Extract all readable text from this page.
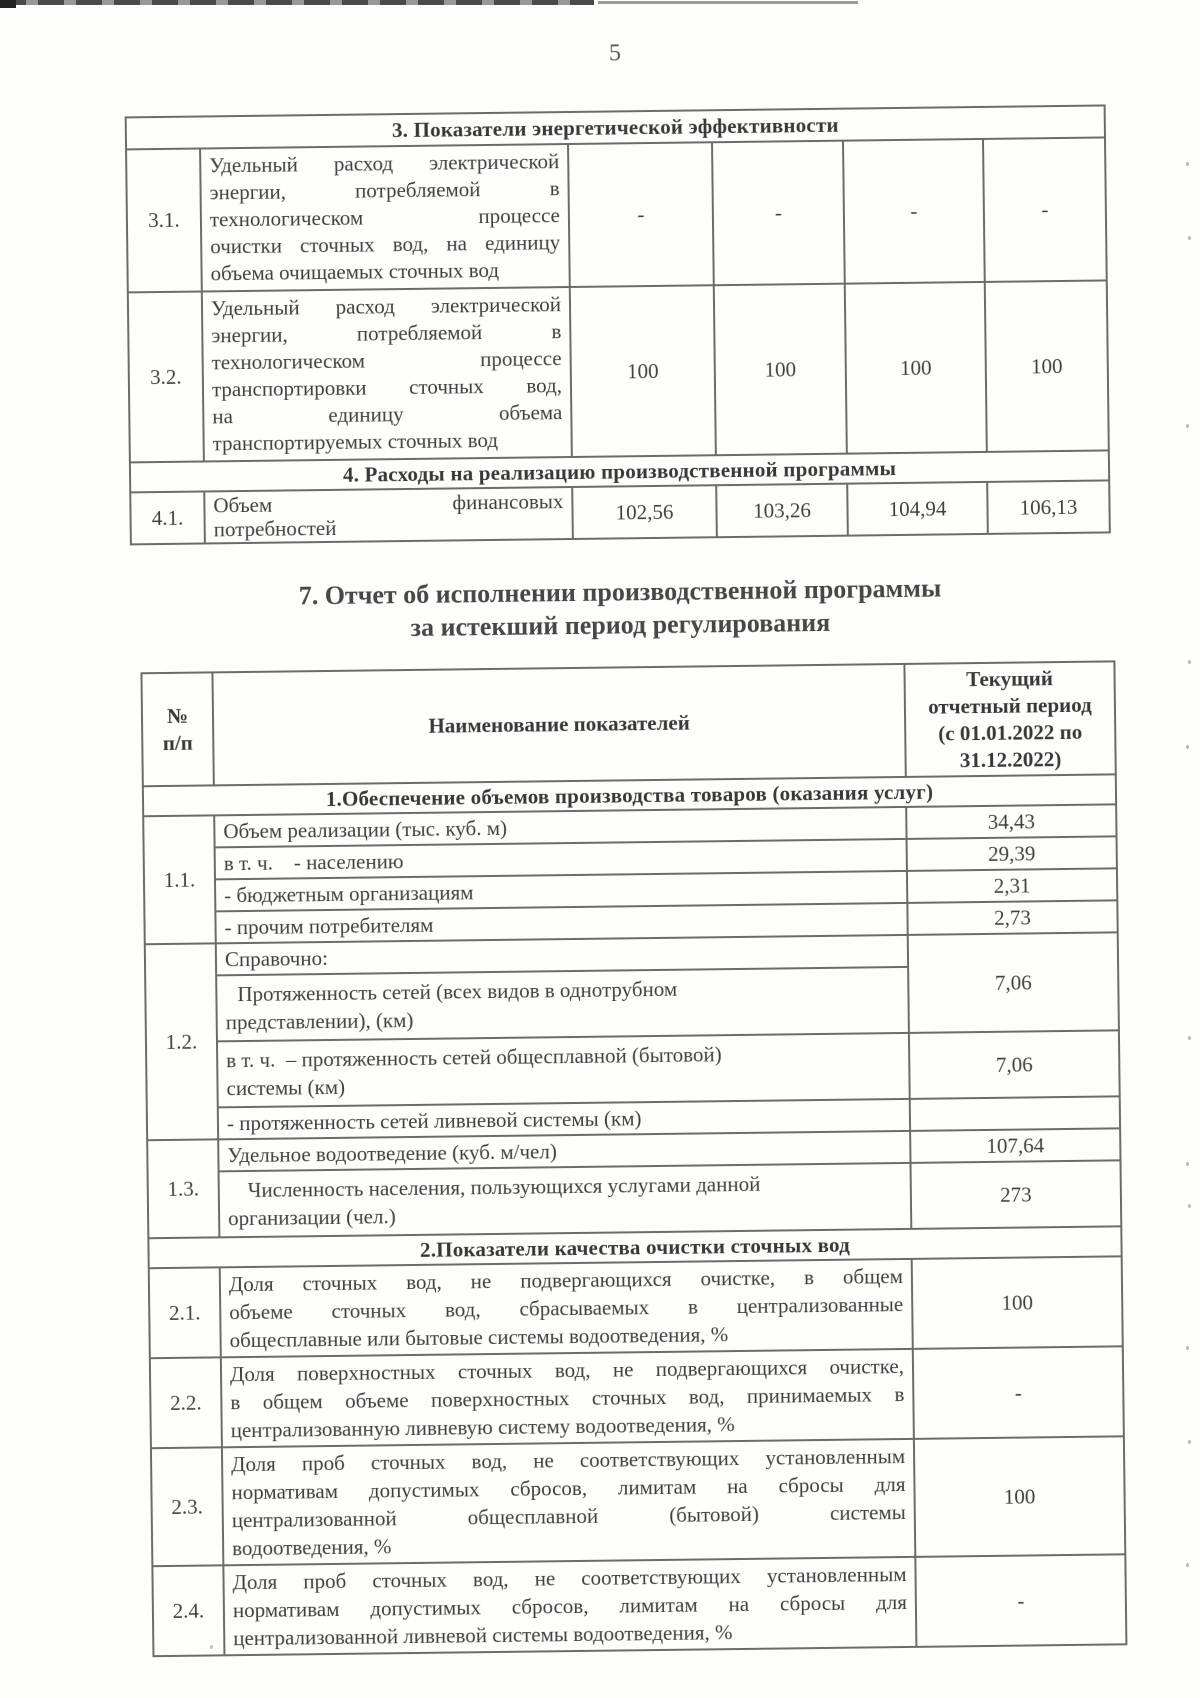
5
3. Показатели энергетической эффективности					
3.1.	Удельный расход электрической
энергии, потребляемой в
технологическом процессе
очистки сточных вод, на единицу
объема очищаемых сточных вод	-	-	-	-
3.2.	
Удельный расход электрической
энергии, потребляемой в
технологическом процессе
транспортировки сточных вод,
на единицу объема
транспортируемых сточных вод
	100	100	100	100
4. Расходы на реализацию производственной программы					
4.1.	Объем финансовых
потребностей	102,56	103,26	104,94	106,13
7. Отчет об исполнении производственной программы
за истекший период регулирования
№
п/п
	Наименование показателей	
Текущий
отчетный период
(с 01.01.2022 по
31.12.2022)

1.Обеспечение объемов производства товаров (оказания услуг)		
1.1.	Объем реализации (тыс. куб. м)	34,43
	в т. ч.    - населению	29,39
	- бюджетным организациям	2,31
	- прочим потребителям	2,73
1.2.	Справочно:	7,06

	Протяженность сетей (всех видов в однотрубном
представлении), (км)	

	в т. ч.  – протяженность сетей общесплавной (бытовой)
системы (км)	7,06
	- протяженность сетей ливневой системы (км)	
1.3.	Удельное водоотведение (куб. м/чел)	107,64

	Численность населения, пользующихся услугами данной
организации (чел.)	273
2.Показатели качества очистки сточных вод		
2.1.	Доля сточных вод, не подвергающихся очистке, в общем
объеме сточных вод, сбрасываемых в централизованные
общесплавные или бытовые системы водоотведения, %	100
2.2.	Доля поверхностных сточных вод, не подвергающихся очистке,
в общем объеме поверхностных сточных вод, принимаемых в
централизованную ливневую систему водоотведения, %	-
2.3.	Доля проб сточных вод, не соответствующих установленным
нормативам допустимых сбросов, лимитам на сбросы для
централизованной общесплавной (бытовой) системы
водоотведения, %	100
2.4.	Доля проб сточных вод, не соответствующих установленным
нормативам допустимых сбросов, лимитам на сбросы для
централизованной ливневой системы водоотведения, %	-
